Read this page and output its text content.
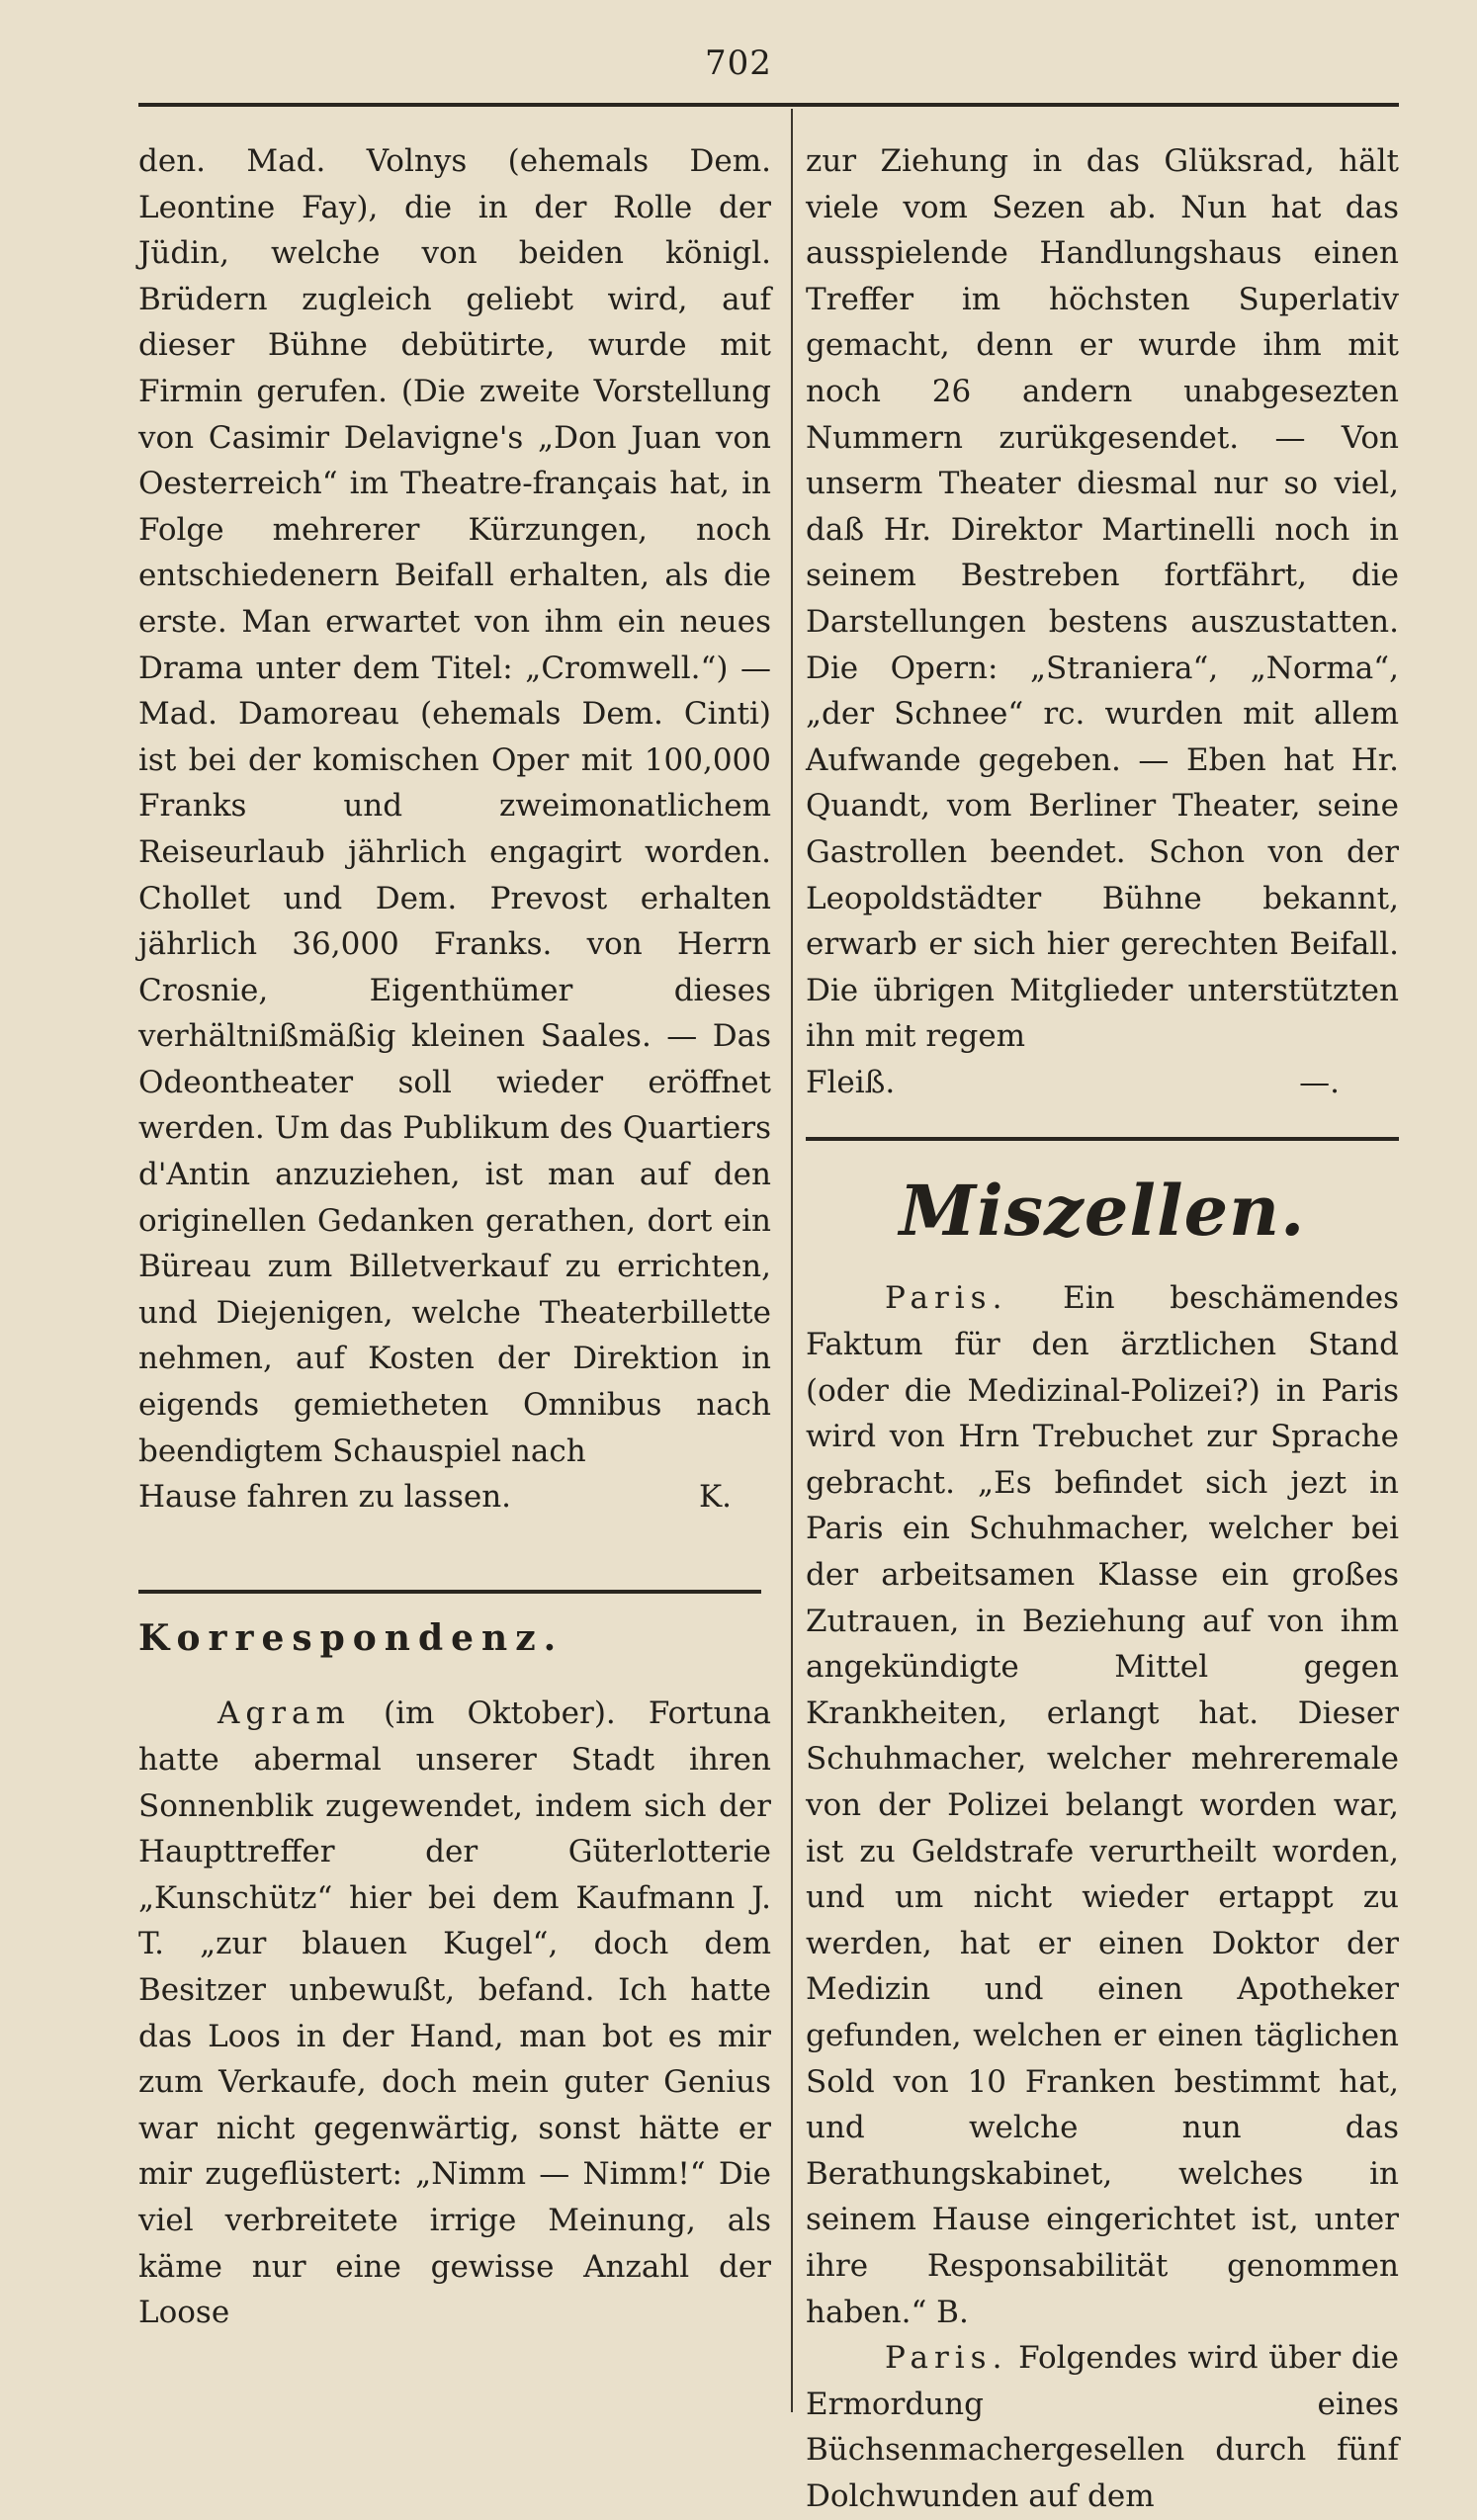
702

den. Mad. Volnys (ehemals Dem. Leontine Fay), die in der Rolle der Jüdin, welche von beiden königl. Brüdern zugleich geliebt wird, auf dieser Bühne debütirte, wurde mit Firmin gerufen. (Die zweite Vorstellung von Casimir Delavigne's „Don Juan von Oesterreich“ im Theatre-français hat, in Folge mehrerer Kürzungen, noch entschiedenern Beifall erhalten, als die erste. Man erwartet von ihm ein neues Drama unter dem Titel: „Cromwell.“) — Mad. Damoreau (ehemals Dem. Cinti) ist bei der komischen Oper mit 100,000 Franks und zweimonatlichem Reiseurlaub jährlich engagirt worden. Chollet und Dem. Prevost erhalten jährlich 36,000 Franks. von Herrn Crosnie, Eigenthümer dieses verhältnißmäßig kleinen Saales. — Das Odeontheater soll wieder eröffnet werden. Um das Publikum des Quartiers d'Antin anzuziehen, ist man auf den originellen Gedanken gerathen, dort ein Büreau zum Billetverkauf zu errichten, und Diejenigen, welche Theaterbillette nehmen, auf Kosten der Direktion in eigends gemietheten Omnibus nach beendigtem Schauspiel nach

Hause fahren zu lassen.	K.

Korrespondenz.

Agram (im Oktober). Fortuna hatte abermal unserer Stadt ihren Sonnenblik zugewendet, indem sich der Haupttreffer der Güterlotterie „Kunschütz“ hier bei dem Kaufmann J. T. „zur blauen Kugel“, doch dem Besitzer unbewußt, befand. Ich hatte das Loos in der Hand, man bot es mir zum Verkaufe, doch mein guter Genius war nicht gegenwärtig, sonst hätte er mir zugeflüstert: „Nimm — Nimm!“ Die viel verbreitete irrige Meinung, als käme nur eine gewisse Anzahl der Loose

zur Ziehung in das Glüksrad, hält viele vom Sezen ab. Nun hat das ausspielende Handlungshaus einen Treffer im höchsten Superlativ gemacht, denn er wurde ihm mit noch 26 andern unabgesezten Nummern zurükgesendet. — Von unserm Theater diesmal nur so viel, daß Hr. Direktor Martinelli noch in seinem Bestreben fortfährt, die Darstellungen bestens auszustatten. Die Opern: „Straniera“, „Norma“, „der Schnee“ rc. wurden mit allem Aufwande gegeben. — Eben hat Hr. Quandt, vom Berliner Theater, seine Gastrollen beendet. Schon von der Leopoldstädter Bühne bekannt, erwarb er sich hier gerechten Beifall. Die übrigen Mitglieder unterstützten ihn mit regem

Fleiß.	—.

Miszellen.

Paris. Ein beschämendes Faktum für den ärztlichen Stand (oder die Medizinal-Polizei?) in Paris wird von Hrn Trebuchet zur Sprache gebracht. „Es befindet sich jezt in Paris ein Schuhmacher, welcher bei der arbeitsamen Klasse ein großes Zutrauen, in Beziehung auf von ihm angekündigte Mittel gegen Krankheiten, erlangt hat. Dieser Schuhmacher, welcher mehreremale von der Polizei belangt worden war, ist zu Geldstrafe verurtheilt worden, und um nicht wieder ertappt zu werden, hat er einen Doktor der Medizin und einen Apotheker gefunden, welchen er einen täglichen Sold von 10 Franken bestimmt hat, und welche nun das Berathungskabinet, welches in seinem Hause eingerichtet ist, unter ihre Responsabilität genommen haben.“ B.

Paris. Folgendes wird über die Ermordung eines Büchsenmachergesellen durch fünf Dolchwunden auf dem
